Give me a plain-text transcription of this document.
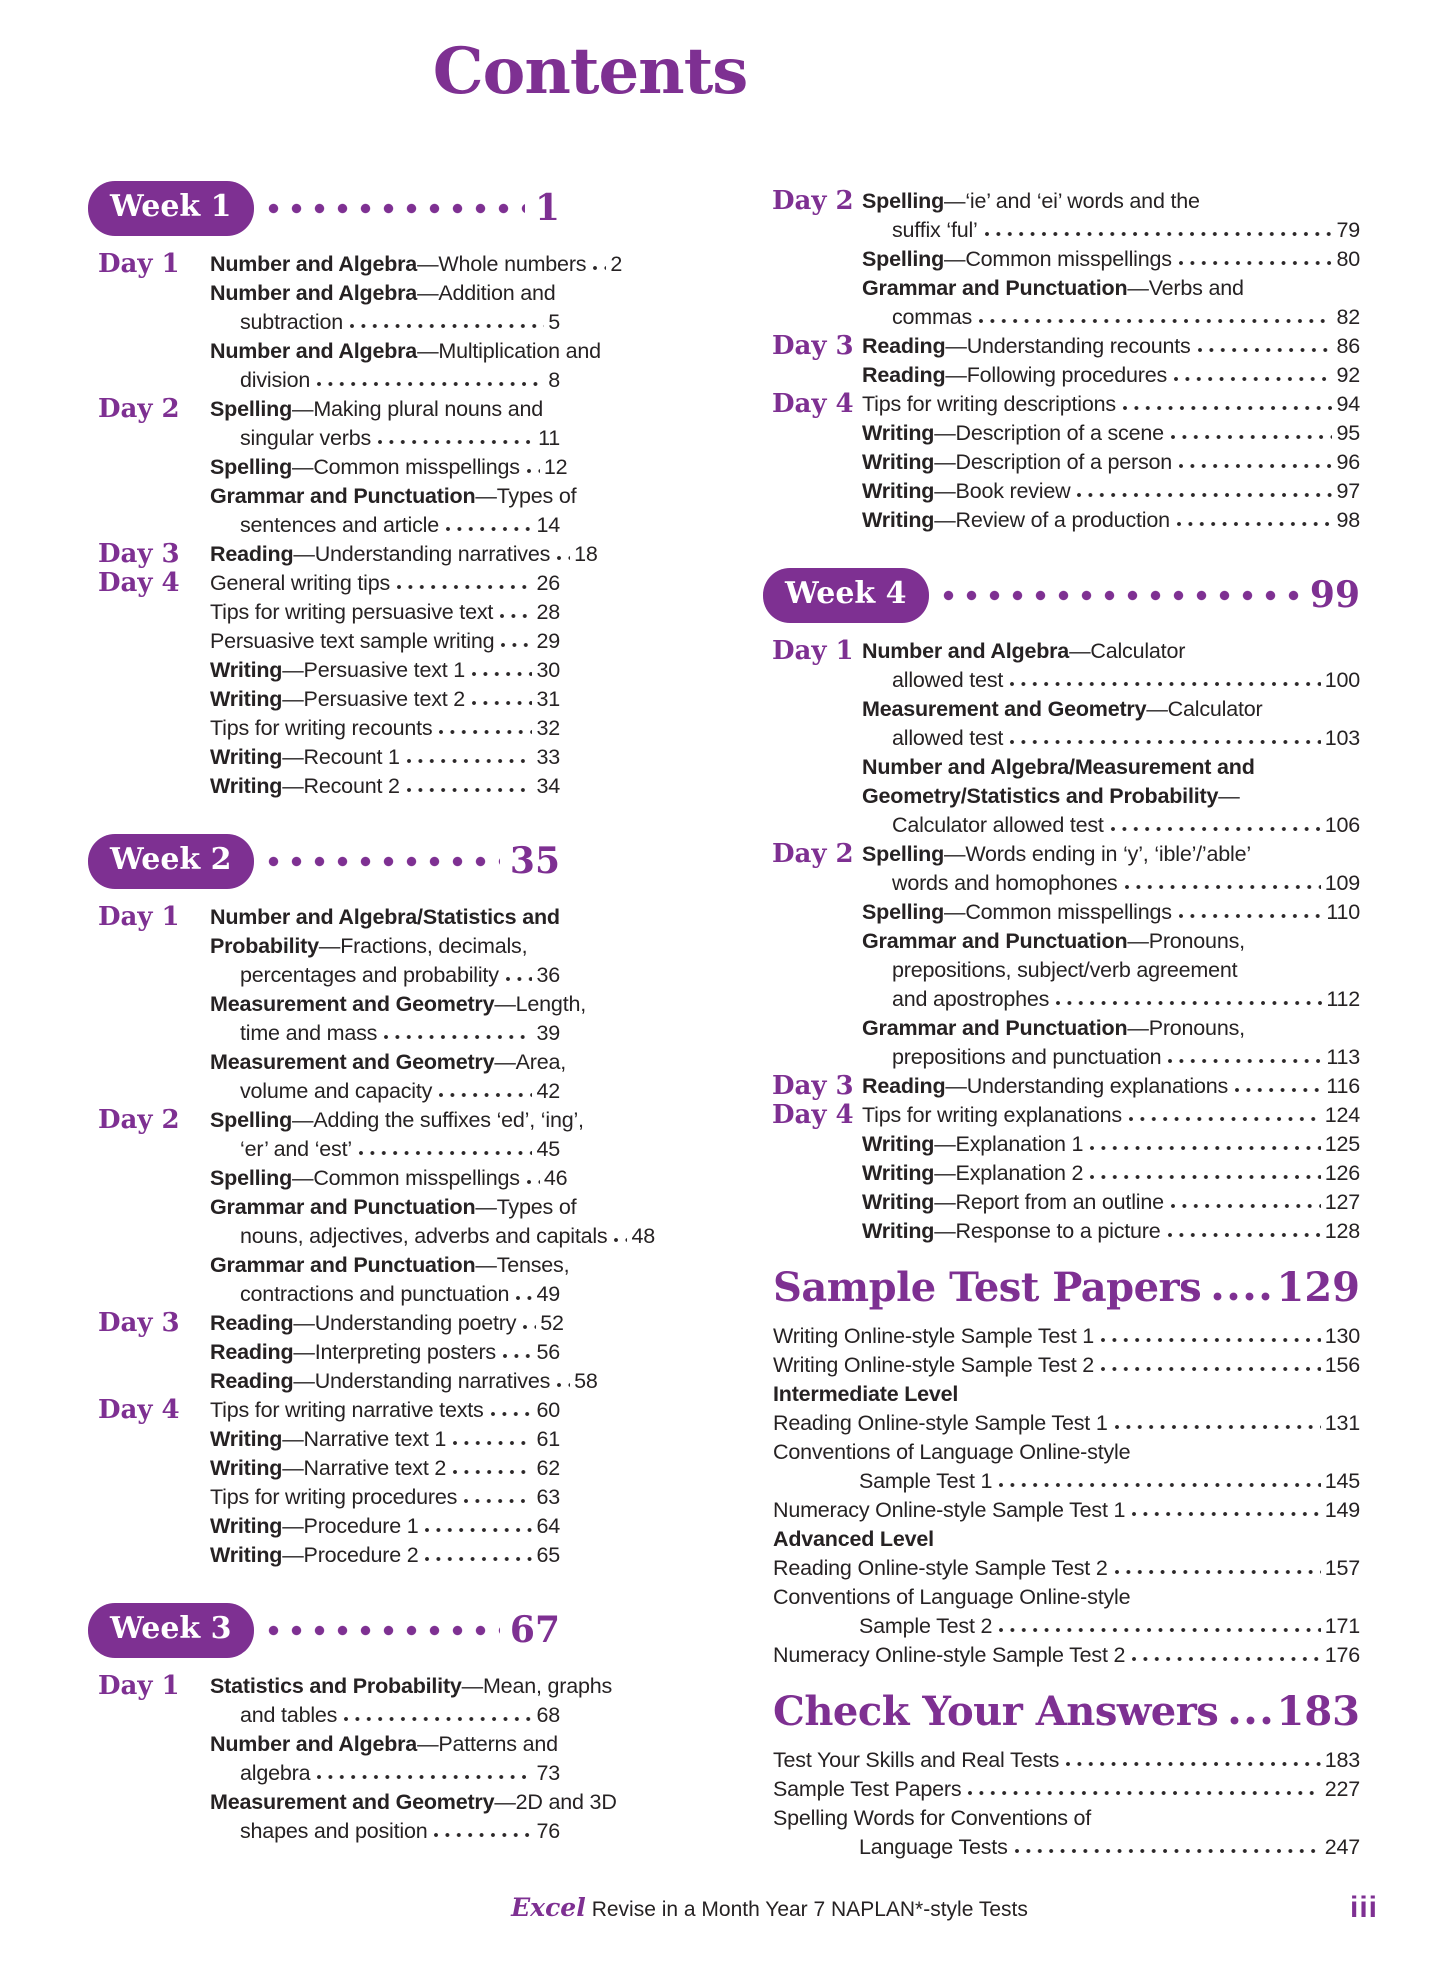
Contents
Week 1	1
Day 1	Number and Algebra—Whole numbers 2
Number and Algebra—Addition and
subtraction	5
Number and Algebra—Multiplication and
division	8
Day 2	Spelling—Making plural nouns and
singular verbs	11
Spelling—Common misspellings 12
Grammar and Punctuation—Types of
sentences and article	14
Day 3	Reading—Understanding narratives 18
Day 4	General writing tips	26
Tips for writing persuasive text 28
Persuasive text sample writing 29
Writing—Persuasive text 1	30
Writing—Persuasive text 2	31
Tips for writing recounts	32
Writing—Recount 1	33
Writing—Recount 2	34
Week 2	35
Day 1	Number and Algebra/Statistics and
Probability—Fractions, decimals,
percentages and probability 36
Measurement and Geometry—Length,
time and mass	39
Measurement and Geometry—Area,
volume and capacity	42
Day 2	Spelling—Adding the suffixes ‘ed’, ‘ing’,
‘er’ and ‘est’	45
Spelling—Common misspellings 46
Grammar and Punctuation—Types of
nouns, adjectives, adverbs and capitals 48
Grammar and Punctuation—Tenses,
contractions and punctuation 49
Day 3	Reading—Understanding poetry 52
Reading—Interpreting posters 56
Reading—Understanding narratives 58
Day 4	Tips for writing narrative texts 60
Writing—Narrative text 1	61
Writing—Narrative text 2	62
Tips for writing procedures	63
Writing—Procedure 1	64
Writing—Procedure 2	65
Week 3	67
Day 1	Statistics and Probability—Mean, graphs
and tables	68
Number and Algebra—Patterns and
algebra	73
Measurement and Geometry—2D and 3D
shapes and position	76
Day 2 Spelling—‘ie’ and ‘ei’ words and the
suffix ‘ful’	79
Spelling—Common misspellings	80
Grammar and Punctuation—Verbs and
commas	82
Day 3 Reading—Understanding recounts	86
Reading—Following procedures	92
Day 4 Tips for writing descriptions	94
Writing—Description of a scene	95
Writing—Description of a person	96
Writing—Book review	97
Writing—Review of a production	98
Week 4	99
Day 1 Number and Algebra—Calculator
allowed test	100
Measurement and Geometry—Calculator
allowed test	103
Number and Algebra/Measurement and
Geometry/Statistics and Probability—
Calculator allowed test	106
Day 2 Spelling—Words ending in ‘y’, ‘ible’/’able’
words and homophones	109
Spelling—Common misspellings	110
Grammar and Punctuation—Pronouns,
prepositions, subject/verb agreement
and apostrophes	112
Grammar and Punctuation—Pronouns,
prepositions and punctuation	113
Day 3 Reading—Understanding explanations	116
Day 4 Tips for writing explanations	124
Writing—Explanation 1	125
Writing—Explanation 2	126
Writing—Report from an outline	127
Writing—Response to a picture	128
Sample Test Papers 129
Writing Online-style Sample Test 1	130
Writing Online-style Sample Test 2	156
Intermediate Level
Reading Online-style Sample Test 1	131
Conventions of Language Online-style
Sample Test 1	145
Numeracy Online-style Sample Test 1	149
Advanced Level
Reading Online-style Sample Test 2	157
Conventions of Language Online-style
Sample Test 2	171
Numeracy Online-style Sample Test 2	176
Check Your Answers 183
Test Your Skills and Real Tests	183
Sample Test Papers	227
Spelling Words for Conventions of
Language Tests	247
Excel Revise in a Month Year 7 NAPLAN*-style Tests	iii
